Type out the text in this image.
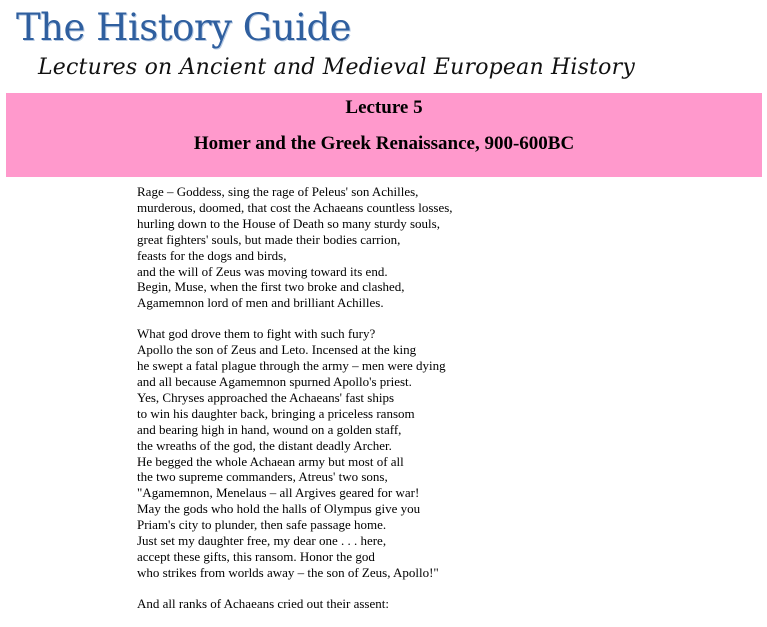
The History Guide
Lectures on Ancient and Medieval European History
Lecture 5
Homer and the Greek Renaissance, 900-600BC
Rage – Goddess, sing the rage of Peleus' son Achilles,
murderous, doomed, that cost the Achaeans countless losses,
hurling down to the House of Death so many sturdy souls,
great fighters' souls, but made their bodies carrion,
feasts for the dogs and birds,
and the will of Zeus was moving toward its end.
Begin, Muse, when the first two broke and clashed,
Agamemnon lord of men and brilliant Achilles.
What god drove them to fight with such fury?
Apollo the son of Zeus and Leto. Incensed at the king
he swept a fatal plague through the army – men were dying
and all because Agamemnon spurned Apollo's priest.
Yes, Chryses approached the Achaeans' fast ships
to win his daughter back, bringing a priceless ransom
and bearing high in hand, wound on a golden staff,
the wreaths of the god, the distant deadly Archer.
He begged the whole Achaean army but most of all
the two supreme commanders, Atreus' two sons,
"Agamemnon, Menelaus – all Argives geared for war!
May the gods who hold the halls of Olympus give you
Priam's city to plunder, then safe passage home.
Just set my daughter free, my dear one . . . here,
accept these gifts, this ransom. Honor the god
who strikes from worlds away – the son of Zeus, Apollo!"
And all ranks of Achaeans cried out their assent:
